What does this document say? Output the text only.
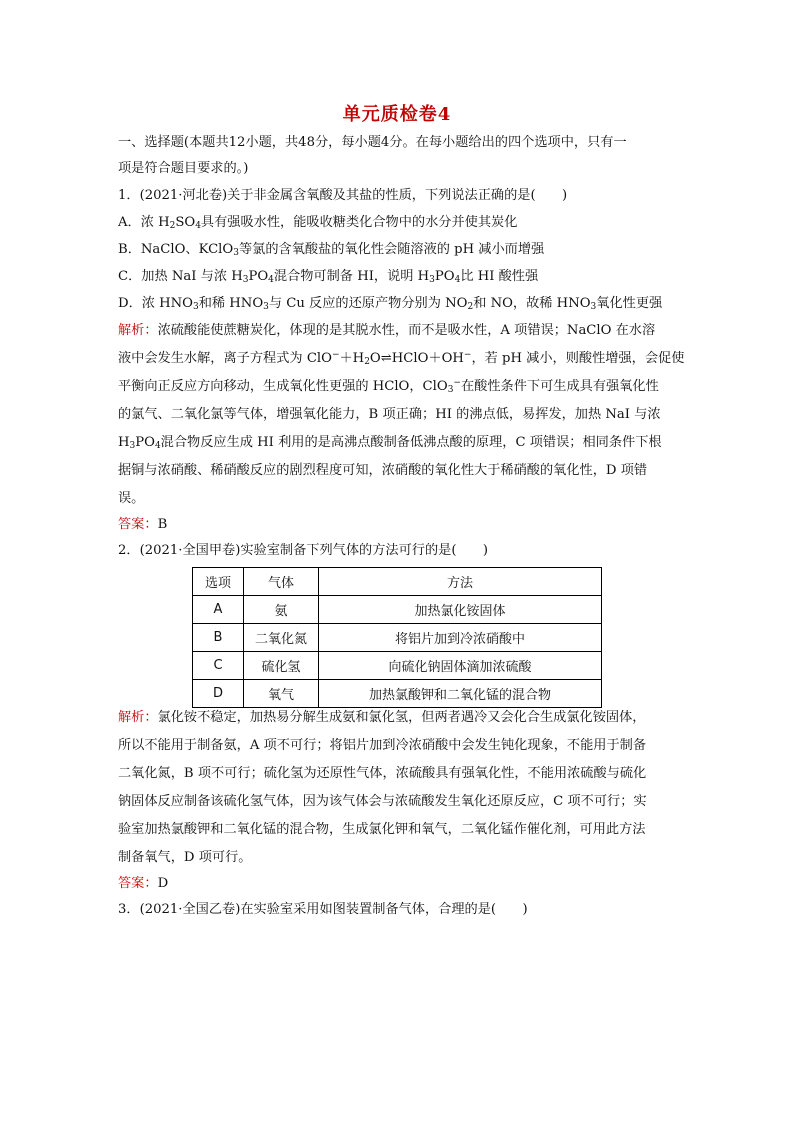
单元质检卷4
一、选择题(本题共12小题，共48分，每小题4分。在每小题给出的四个选项中，只有一
项是符合题目要求的。)
1．(2021·河北卷)关于非金属含氧酸及其盐的性质，下列说法正确的是(　　)
A．浓 $H_2SO_4$具有强吸水性，能吸收糖类化合物中的水分并使其炭化
B．NaClO、KClO$_3$等氯的含氧酸盐的氧化性会随溶液的 pH 减小而增强
C．加热 NaI 与浓 $H_3PO_4$混合物可制备 HI，说明 $H_3PO_4$比 HI 酸性强
D．浓 $HNO_3$和稀 $HNO_3$与 Cu 反应的还原产物分别为 $NO_2$和 NO，故稀 $HNO_3$氧化性更强
解析：浓硫酸能使蔗糖炭化，体现的是其脱水性，而不是吸水性，A 项错误；NaClO 在水溶
液中会发生水解，离子方程式为 $ClO^-+H_2O\rightleftharpoons HClO+OH^-$，若 pH 减小，则酸性增强，会促使
平衡向正反应方向移动，生成氧化性更强的 HClO，ClO$_3$−在酸性条件下可生成具有强氧化性
的氯气、二氧化氯等气体，增强氧化能力，B 项正确；HI 的沸点低，易挥发，加热 NaI 与浓
$H_3PO_4$混合物反应生成 HI 利用的是高沸点酸制备低沸点酸的原理，C 项错误；相同条件下根
据铜与浓硝酸、稀硝酸反应的剧烈程度可知，浓硝酸的氧化性大于稀硝酸的氧化性，D 项错
误。
答案：B
2．(2021·全国甲卷)实验室制备下列气体的方法可行的是(　　)
选项	气体	方法
A	氨	加热氯化铵固体
B	二氧化氮	将铝片加到冷浓硝酸中
C	硫化氢	向硫化钠固体滴加浓硫酸
D	氧气	加热氯酸钾和二氧化锰的混合物
解析：氯化铵不稳定，加热易分解生成氨和氯化氢，但两者遇冷又会化合生成氯化铵固体，
所以不能用于制备氨，A 项不可行；将铝片加到冷浓硝酸中会发生钝化现象，不能用于制备
二氧化氮，B 项不可行；硫化氢为还原性气体，浓硫酸具有强氧化性，不能用浓硫酸与硫化
钠固体反应制备该硫化氢气体，因为该气体会与浓硫酸发生氧化还原反应，C 项不可行；实
验室加热氯酸钾和二氧化锰的混合物，生成氯化钾和氧气，二氧化锰作催化剂，可用此方法
制备氧气，D 项可行。
答案：D
3．(2021·全国乙卷)在实验室采用如图装置制备气体，合理的是(　　)
